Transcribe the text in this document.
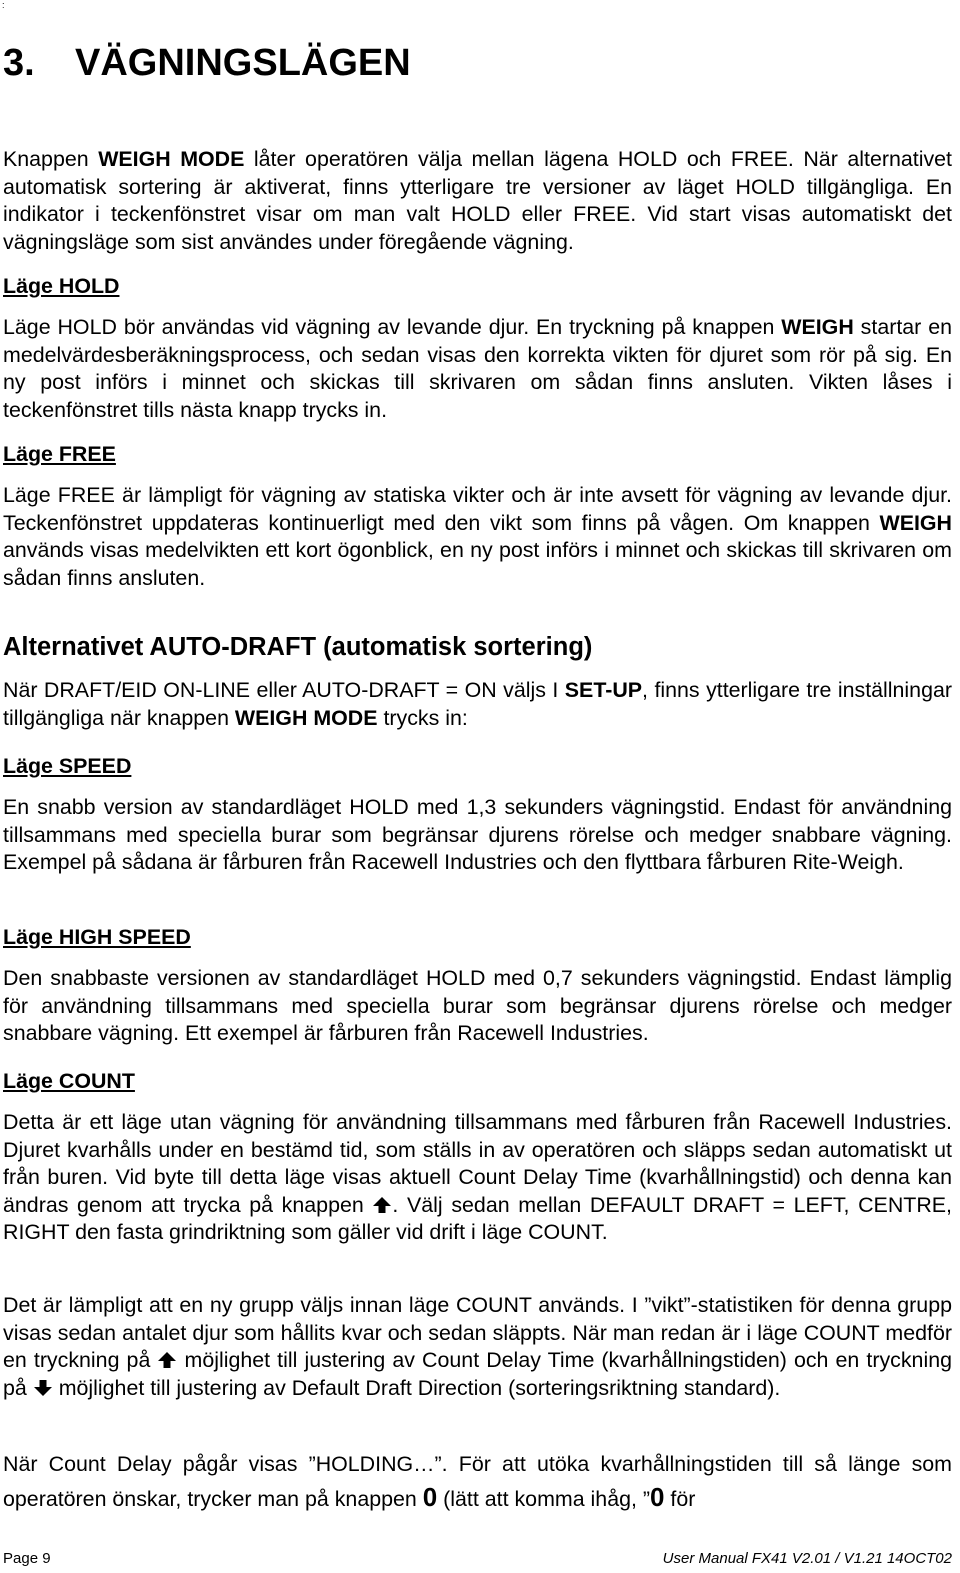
:
3. VÄGNINGSLÄGEN

Knappen WEIGH MODE låter operatören välja mellan lägena HOLD och FREE. När alternativet automatisk sortering är aktiverat, finns ytterligare tre versioner av läget HOLD tillgängliga. En indikator i teckenfönstret visar om man valt HOLD eller FREE. Vid start visas automatiskt det vägningsläge som sist användes under föregående vägning.

Läge HOLD

Läge HOLD bör användas vid vägning av levande djur. En tryckning på knappen WEIGH startar en medelvärdesberäkningsprocess, och sedan visas den korrekta vikten för djuret som rör på sig. En ny post införs i minnet och skickas till skrivaren om sådan finns ansluten. Vikten låses i teckenfönstret tills nästa knapp trycks in.

Läge FREE

Läge FREE är lämpligt för vägning av statiska vikter och är inte avsett för vägning av levande djur. Teckenfönstret uppdateras kontinuerligt med den vikt som finns på vågen. Om knappen WEIGH används visas medelvikten ett kort ögonblick, en ny post införs i minnet och skickas till skrivaren om sådan finns ansluten.

Alternativet AUTO-DRAFT (automatisk sortering)

När DRAFT/EID ON-LINE eller AUTO-DRAFT = ON väljs I SET-UP, finns ytterligare tre inställningar tillgängliga när knappen WEIGH MODE trycks in:

Läge SPEED

En snabb version av standardläget HOLD med 1,3 sekunders vägningstid. Endast för användning tillsammans med speciella burar som begränsar djurens rörelse och medger snabbare vägning. Exempel på sådana är fårburen från Racewell Industries och den flyttbara fårburen Rite-Weigh.

Läge HIGH SPEED

Den snabbaste versionen av standardläget HOLD med 0,7 sekunders vägningstid. Endast lämplig för användning tillsammans med speciella burar som begränsar djurens rörelse och medger snabbare vägning. Ett exempel är fårburen från Racewell Industries.

Läge COUNT

Detta är ett läge utan vägning för användning tillsammans med fårburen från Racewell Industries. Djuret kvarhålls under en bestämd tid, som ställs in av operatören och släpps sedan automatiskt ut från buren. Vid byte till detta läge visas aktuell Count Delay Time (kvarhållningstid) och denna kan ändras genom att trycka på knappen
. Välj sedan mellan DEFAULT DRAFT = LEFT, CENTRE, RIGHT den fasta grindriktning som gäller vid drift i läge COUNT.

Det är lämpligt att en ny grupp väljs innan läge COUNT används. I ”vikt”-statistiken för denna grupp visas sedan antalet djur som hållits kvar och sedan släppts. När man redan är i läge COUNT medför en tryckning på
möjlighet till justering av Count Delay Time (kvarhållningstiden) och en tryckning på
möjlighet till justering av Default Draft Direction (sorteringsriktning standard).

När Count Delay pågår visas ”HOLDING…”. För att utöka kvarhållningstiden till så länge som operatören önskar, trycker man på knappen 0 (lätt att komma ihåg, ”0 för

Page 9	User Manual FX41 V2.01 / V1.21 14OCT02
